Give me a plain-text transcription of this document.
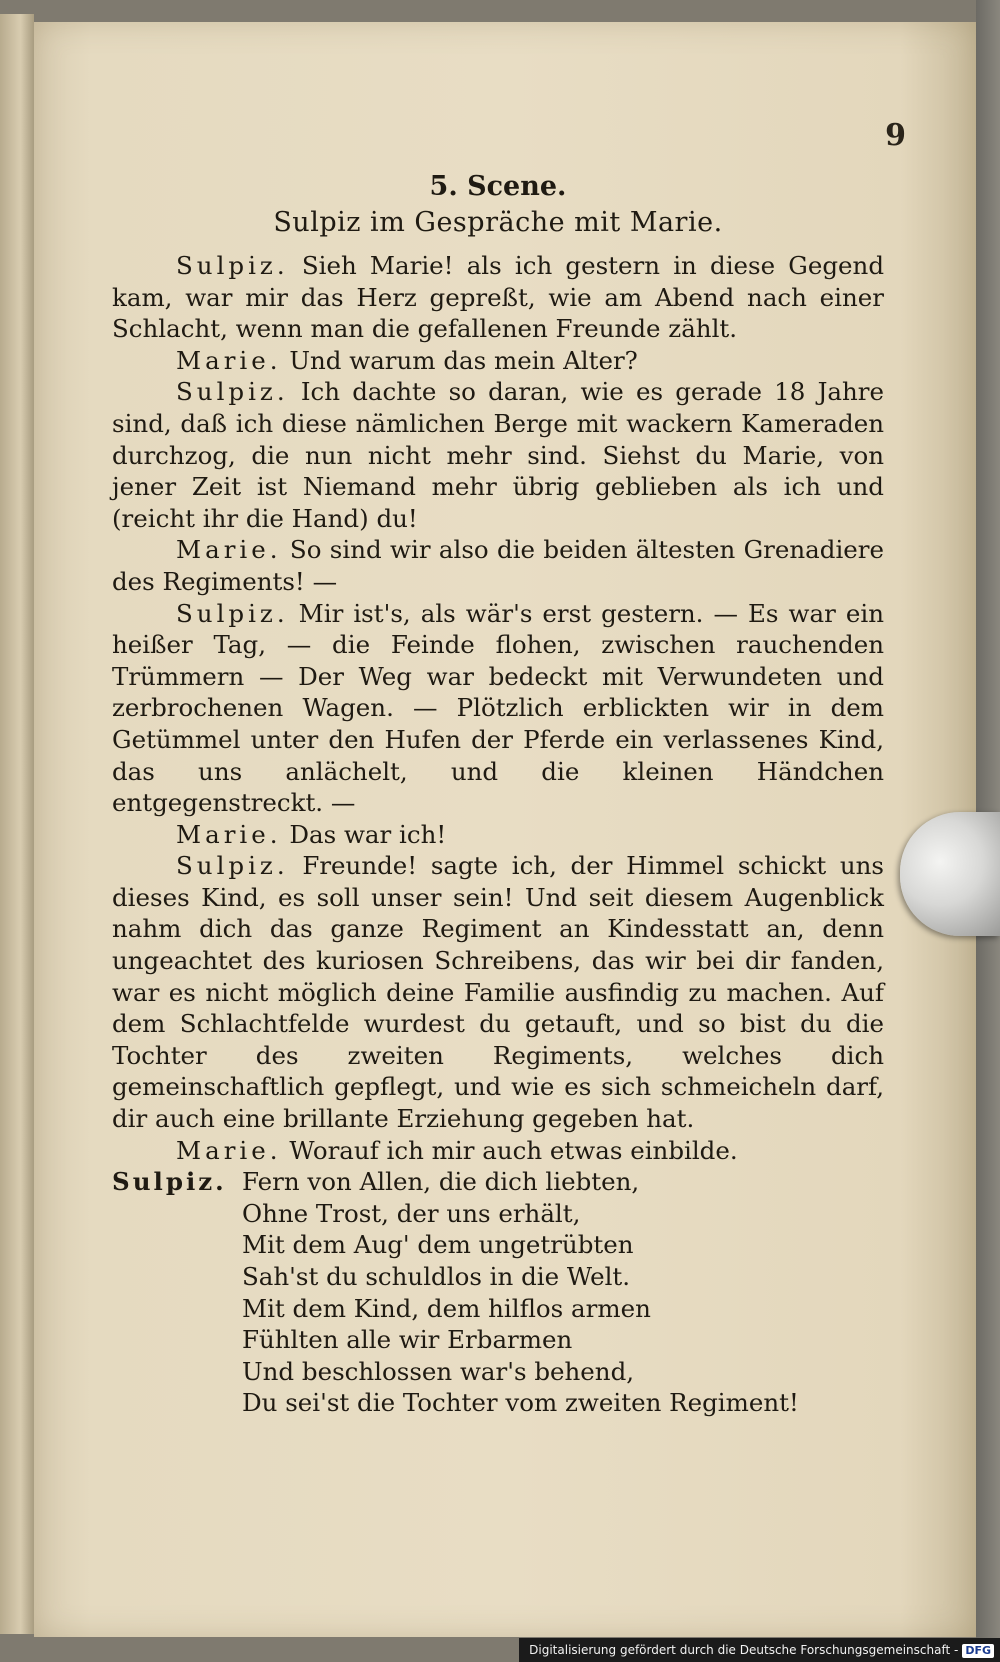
9

5. Scene.

Sulpiz im Gespräche mit Marie.

Sulpiz. Sieh Marie! als ich gestern in diese Gegend kam, war mir das Herz gepreßt, wie am Abend nach einer Schlacht, wenn man die gefallenen Freunde zählt.

Marie. Und warum das mein Alter?

Sulpiz. Ich dachte so daran, wie es gerade 18 Jahre sind, daß ich diese nämlichen Berge mit wackern Kameraden durchzog, die nun nicht mehr sind. Siehst du Marie, von jener Zeit ist Niemand mehr übrig geblieben als ich und (reicht ihr die Hand) du!

Marie. So sind wir also die beiden ältesten Grenadiere des Regiments! —

Sulpiz. Mir ist's, als wär's erst gestern. — Es war ein heißer Tag, — die Feinde flohen, zwischen rauchenden Trümmern — Der Weg war bedeckt mit Verwundeten und zerbrochenen Wagen. — Plötzlich erblickten wir in dem Getümmel unter den Hufen der Pferde ein verlassenes Kind, das uns anlächelt, und die kleinen Händchen entgegenstreckt. —

Marie. Das war ich!

Sulpiz. Freunde! sagte ich, der Himmel schickt uns dieses Kind, es soll unser sein! Und seit diesem Augenblick nahm dich das ganze Regiment an Kindesstatt an, denn ungeachtet des kuriosen Schreibens, das wir bei dir fanden, war es nicht möglich deine Familie ausfindig zu machen. Auf dem Schlachtfelde wurdest du getauft, und so bist du die Tochter des zweiten Regiments, welches dich gemeinschaftlich gepflegt, und wie es sich schmeicheln darf, dir auch eine brillante Erziehung gegeben hat.

Marie. Worauf ich mir auch etwas einbilde.

Sulpiz. Fern von Allen, die dich liebten,

Ohne Trost, der uns erhält,

Mit dem Aug' dem ungetrübten

Sah'st du schuldlos in die Welt.

Mit dem Kind, dem hilflos armen

Fühlten alle wir Erbarmen

Und beschlossen war's behend,

Du sei'st die Tochter vom zweiten Regiment!

Digitalisierung gefördert durch die Deutsche Forschungsgemeinschaft - DFG
